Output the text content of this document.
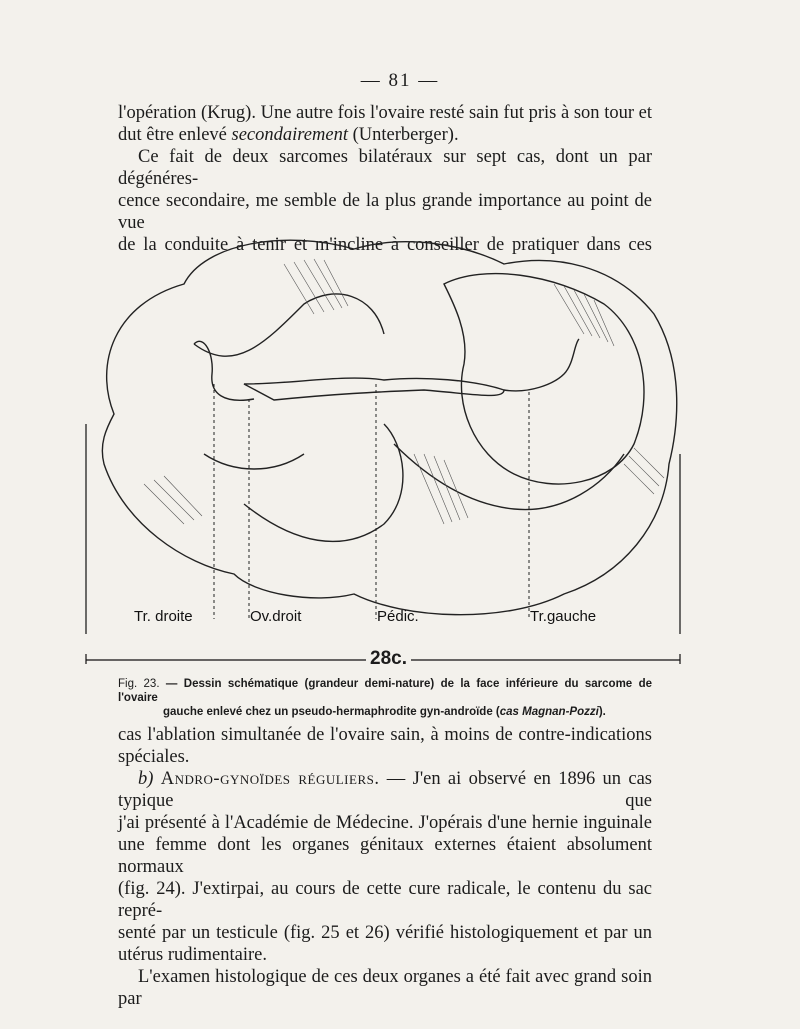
— 81 —

l'opération (Krug). Une autre fois l'ovaire resté sain fut pris à son tour et

dut être enlevé secondairement (Unterberger).

Ce fait de deux sarcomes bilatéraux sur sept cas, dont un par dégénéres-

cence secondaire, me semble de la plus grande importance au point de vue

de la conduite à tenir et m'incline à conseiller de pratiquer dans ces

Tr. droite	Ov.droit	Pédic.	Tr.gauche
28c.
Fig. 23. — Dessin schématique (grandeur demi-nature) de la face inférieure du sarcome de l'ovaire
gauche enlevé chez un pseudo-hermaphrodite gyn-androïde (cas Magnan-Pozzi).

cas l'ablation simultanée de l'ovaire sain, à moins de contre-indications

spéciales.

b) Andro-gynoïdes réguliers. — J'en ai observé en 1896 un cas typique que

j'ai présenté à l'Académie de Médecine. J'opérais d'une hernie inguinale

une femme dont les organes génitaux externes étaient absolument normaux

(fig. 24). J'extirpai, au cours de cette cure radicale, le contenu du sac repré-

senté par un testicule (fig. 25 et 26) vérifié histologiquement et par un

utérus rudimentaire.

L'examen histologique de ces deux organes a été fait avec grand soin par
